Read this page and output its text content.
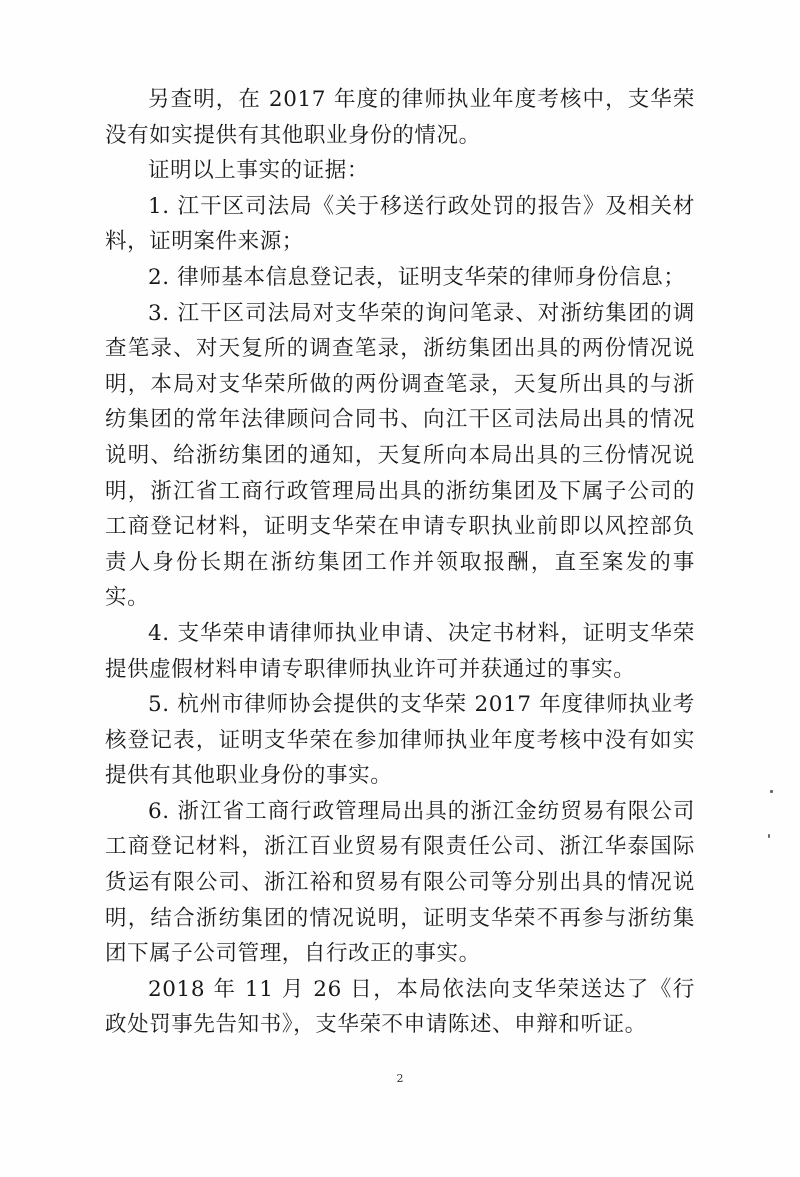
另查明，在 2017 年度的律师执业年度考核中，支华荣没有如实提供有其他职业身份的情况。

证明以上事实的证据：

1. 江干区司法局《关于移送行政处罚的报告》及相关材料，证明案件来源；

2. 律师基本信息登记表，证明支华荣的律师身份信息；

3. 江干区司法局对支华荣的询问笔录、对浙纺集团的调查笔录、对天复所的调查笔录，浙纺集团出具的两份情况说明，本局对支华荣所做的两份调查笔录，天复所出具的与浙纺集团的常年法律顾问合同书、向江干区司法局出具的情况说明、给浙纺集团的通知，天复所向本局出具的三份情况说明，浙江省工商行政管理局出具的浙纺集团及下属子公司的工商登记材料，证明支华荣在申请专职执业前即以风控部负责人身份长期在浙纺集团工作并领取报酬，直至案发的事实。

4. 支华荣申请律师执业申请、决定书材料，证明支华荣提供虚假材料申请专职律师执业许可并获通过的事实。

5. 杭州市律师协会提供的支华荣 2017 年度律师执业考核登记表，证明支华荣在参加律师执业年度考核中没有如实提供有其他职业身份的事实。

6. 浙江省工商行政管理局出具的浙江金纺贸易有限公司工商登记材料，浙江百业贸易有限责任公司、浙江华泰国际货运有限公司、浙江裕和贸易有限公司等分别出具的情况说明，结合浙纺集团的情况说明，证明支华荣不再参与浙纺集团下属子公司管理，自行改正的事实。

2018 年 11 月 26 日，本局依法向支华荣送达了《行政处罚事先告知书》，支华荣不申请陈述、申辩和听证。

2
